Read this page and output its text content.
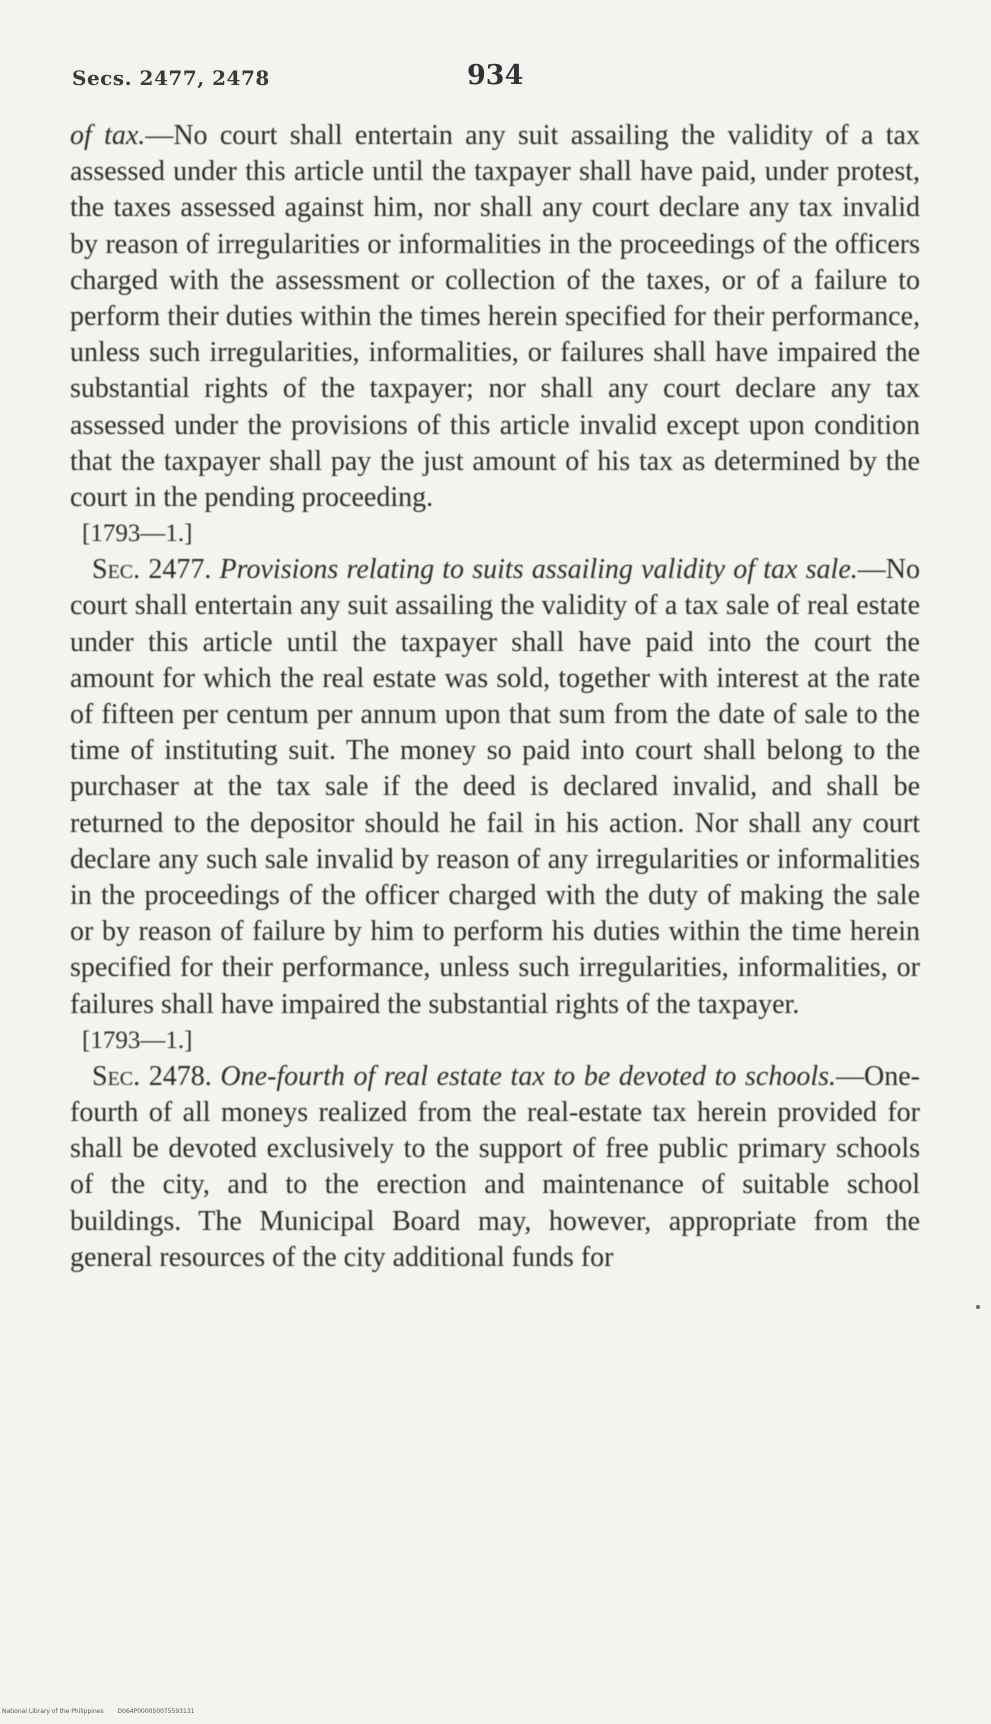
Secs. 2477, 2478	934

of tax.—No court shall entertain any suit assailing the validity of a tax assessed under this article until the taxpayer shall have paid, under protest, the taxes assessed against him, nor shall any court declare any tax invalid by reason of irregularities or informalities in the proceedings of the officers charged with the assessment or collection of the taxes, or of a failure to perform their duties within the times herein specified for their performance, unless such irregularities, informalities, or failures shall have impaired the substantial rights of the taxpayer; nor shall any court declare any tax assessed under the provisions of this article invalid except upon condition that the taxpayer shall pay the just amount of his tax as determined by the court in the pending proceeding.

[1793—1.]

Sec. 2477. Provisions relating to suits assailing validity of tax sale.—No court shall entertain any suit assailing the validity of a tax sale of real estate under this article until the taxpayer shall have paid into the court the amount for which the real estate was sold, together with interest at the rate of fifteen per centum per annum upon that sum from the date of sale to the time of instituting suit. The money so paid into court shall belong to the purchaser at the tax sale if the deed is declared invalid, and shall be returned to the depositor should he fail in his action. Nor shall any court declare any such sale invalid by reason of any irregularities or informalities in the proceedings of the officer charged with the duty of making the sale or by reason of failure by him to perform his duties within the time herein specified for their performance, unless such irregularities, informalities, or failures shall have impaired the substantial rights of the taxpayer.

[1793—1.]

Sec. 2478. One-fourth of real estate tax to be devoted to schools.—One-fourth of all moneys realized from the real-estate tax herein provided for shall be devoted exclusively to the support of free public primary schools of the city, and to the erection and maintenance of suitable school buildings. The Municipal Board may, however, appropriate from the general resources of the city additional funds for

National Library of the Philippines D064P000050075593131
